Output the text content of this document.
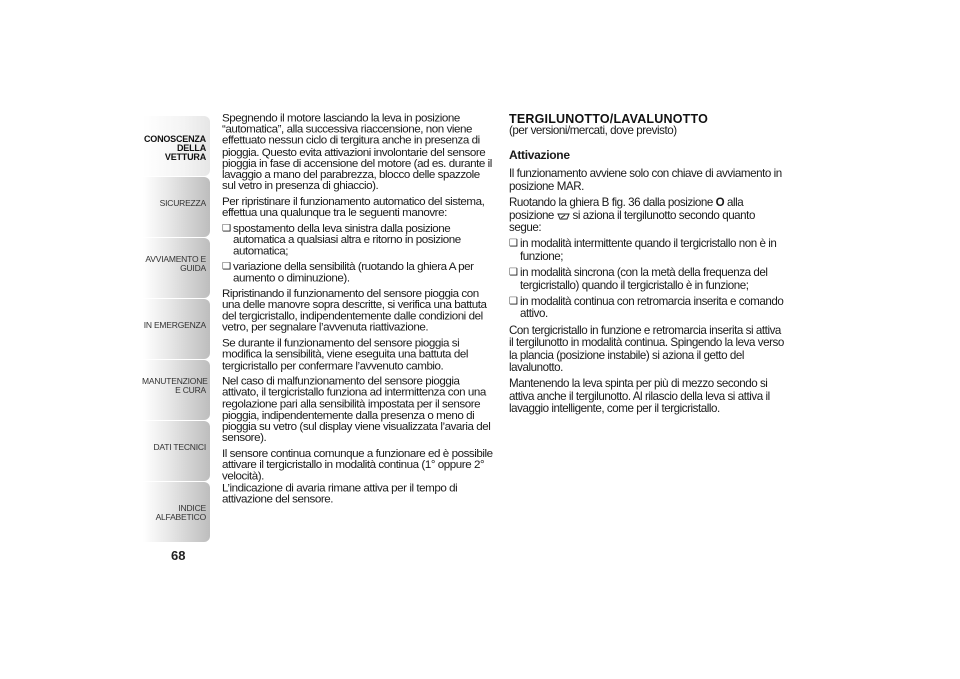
CONOSCENZA DELLA VETTURA
SICUREZZA
AVVIAMENTO E GUIDA
IN EMERGENZA
MANUTENZIONE E CURA
DATI TECNICI
INDICE ALFABETICO
68

Spegnendo il motore lasciando la leva in posizione “automatica”, alla successiva riaccensione, non viene effettuato nessun ciclo di tergitura anche in presenza di pioggia. Questo evita attivazioni involontarie del sensore pioggia in fase di accensione del motore (ad es. durante il lavaggio a mano del parabrezza, blocco delle spazzole sul vetro in presenza di ghiaccio).

Per ripristinare il funzionamento automatico del sistema, effettua una qualunque tra le seguenti manovre:

❑ spostamento della leva sinistra dalla posizione automatica a qualsiasi altra e ritorno in posizione automatica;

❑ variazione della sensibilità (ruotando la ghiera A per aumento o diminuzione).

Ripristinando il funzionamento del sensore pioggia con una delle manovre sopra descritte, si verifica una battuta del tergicristallo, indipendentemente dalle condizioni del vetro, per segnalare l’avvenuta riattivazione.

Se durante il funzionamento del sensore pioggia si modifica la sensibilità, viene eseguita una battuta del tergicristallo per confermare l’avvenuto cambio.

Nel caso di malfunzionamento del sensore pioggia attivato, il tergicristallo funziona ad intermittenza con una regolazione pari alla sensibilità impostata per il sensore pioggia, indipendentemente dalla presenza o meno di pioggia su vetro (sul display viene visualizzata l’avaria del sensore).

Il sensore continua comunque a funzionare ed è possibile attivare il tergicristallo in modalità continua (1° oppure 2° velocità).

L’indicazione di avaria rimane attiva per il tempo di attivazione del sensore.

TERGILUNOTTO/LAVALUNOTTO

(per versioni/mercati, dove previsto)

Attivazione

Il funzionamento avviene solo con chiave di avviamento in posizione MAR.

Ruotando la ghiera B fig. 36 dalla posizione O alla posizione si aziona il tergilunotto secondo quanto segue:

❑ in modalità intermittente quando il tergicristallo non è in funzione;

❑ in modalità sincrona (con la metà della frequenza del tergicristallo) quando il tergicristallo è in funzione;

❑ in modalità continua con retromarcia inserita e comando attivo.

Con tergicristallo in funzione e retromarcia inserita si attiva il tergilunotto in modalità continua. Spingendo la leva verso la plancia (posizione instabile) si aziona il getto del lavalunotto.

Mantenendo la leva spinta per più di mezzo secondo si attiva anche il tergilunotto. Al rilascio della leva si attiva il lavaggio intelligente, come per il tergicristallo.
